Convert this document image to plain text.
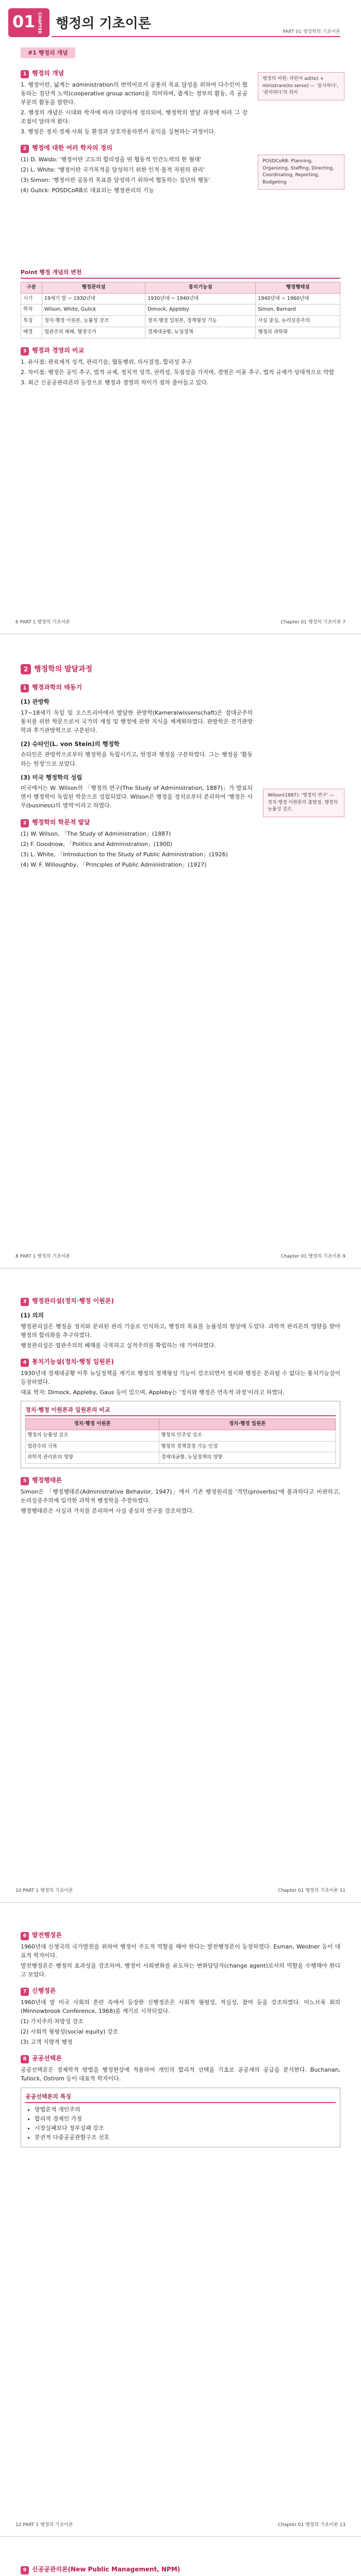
01 CHAPTER 행정의 기초이론
PART 01 행정학의 기초이론
#1 행정의 개념
1 행정의 개념

1. 행정이란, 넓게는 administration의 번역어로서 공통의 목표 달성을 위하여 다수인이 협동하는 집단적 노력(cooperative group action)을 의미하며, 좁게는 정부의 활동, 즉 공공 부문의 활동을 말한다.

2. 행정의 개념은 시대와 학자에 따라 다양하게 정의되며, 행정학의 발달 과정에 따라 그 강조점이 달라져 왔다.

3. 행정은 정치·경제·사회 등 환경과 상호작용하면서 공익을 실현하는 과정이다.

2 행정에 대한 여러 학자의 정의

(1) D. Waldo: '행정이란 고도의 합리성을 띤 협동적 인간노력의 한 형태'

(2) L. White: '행정이란 국가목적을 달성하기 위한 인적·물적 자원의 관리'

(3) Simon: '행정이란 공동의 목표를 달성하기 위하여 협동하는 집단의 행동'

(4) Gulick: POSDCoRB로 대표되는 행정관리의 기능

행정의 어원: 라틴어 ad(to) + ministrare(to serve) — '봉사하다', '관리하다'의 의미
POSDCoRB: Planning, Organizing, Staffing, Directing, Coordinating, Reporting, Budgeting
Point 행정 개념의 변천
구분	행정관리설	통치기능설	행정행태설
시기	19세기 말 ~ 1930년대	1930년대 ~ 1940년대	1940년대 ~ 1960년대
학자	Wilson, White, Gulick	Dimock, Appleby	Simon, Barnard
특징	정치·행정 이원론, 능률성 강조	정치·행정 일원론, 정책형성 기능	사실 중심, 논리실증주의
배경	엽관주의 폐해, 행정국가	경제대공황, 뉴딜정책	행정의 과학화
3 행정과 경영의 비교

1. 유사점: 관료제적 성격, 관리기술, 협동행위, 의사결정, 합리성 추구

2. 차이점: 행정은 공익 추구, 법적 규제, 정치적 성격, 권력성, 독점성을 가지며, 경영은 이윤 추구, 법적 규제가 상대적으로 약함

3. 최근 신공공관리론의 등장으로 행정과 경영의 차이가 점차 줄어들고 있다.

6 PART 1 행정의 기초이론	Chapter 01 행정의 기초이론 7
2 행정학의 발달과정
1 행정과학의 태동기
(1) 관방학

17~18세기 독일 및 오스트리아에서 발달한 관방학(Kameralwissenschaft)은 절대군주의 통치를 위한 학문으로서 국가의 재정 및 행정에 관한 지식을 체계화하였다. 관방학은 전기관방학과 후기관방학으로 구분된다.

(2) 슈타인(L. von Stein)의 행정학

슈타인은 관방학으로부터 행정학을 독립시키고, 헌정과 행정을 구분하였다. 그는 행정을 '활동하는 헌정'으로 보았다.

(3) 미국 행정학의 성립

미국에서는 W. Wilson의 「행정의 연구(The Study of Administration, 1887)」가 발표되면서 행정학이 독립된 학문으로 성립되었다. Wilson은 행정을 정치로부터 분리하여 '행정은 사무(business)의 영역'이라고 하였다.

2 행정학의 학문적 발달

(1) W. Wilson, 「The Study of Administration」(1887)

(2) F. Goodnow, 「Politics and Administration」(1900)

(3) L. White, 「Introduction to the Study of Public Administration」(1926)

(4) W. F. Willoughby, 「Principles of Public Administration」(1927)

Wilson(1887): '행정의 연구' — 정치·행정 이원론의 출발점. 행정의 능률성 강조.
8 PART 1 행정의 기초이론	Chapter 01 행정의 기초이론 9
3 행정관리설(정치·행정 이원론)
(1) 의의

행정관리설은 행정을 정치와 분리된 관리 기술로 인식하고, 행정의 목표를 능률성의 향상에 두었다. 과학적 관리론의 영향을 받아 행정의 합리화를 추구하였다.

행정관리설은 엽관주의의 폐해를 극복하고 실적주의를 확립하는 데 기여하였다.

4 통치기능설(정치·행정 일원론)

1930년대 경제대공황 이후 뉴딜정책을 계기로 행정의 정책형성 기능이 강조되면서 정치와 행정은 분리될 수 없다는 통치기능설이 등장하였다.

대표 학자: Dimock, Appleby, Gaus 등이 있으며, Appleby는 '정치와 행정은 연속적 과정'이라고 하였다.

정치·행정 이원론과 일원론의 비교
정치·행정 이원론	정치·행정 일원론
행정의 능률성 강조	행정의 민주성 강조
엽관주의 극복	행정의 정책결정 기능 인정
과학적 관리론의 영향	경제대공황, 뉴딜정책의 영향
5 행정행태론

Simon은 「행정행태론(Administrative Behavior, 1947)」에서 기존 행정원리를 '격언(proverbs)'에 불과하다고 비판하고, 논리실증주의에 입각한 과학적 행정학을 주장하였다.

행정행태론은 사실과 가치를 분리하여 사실 중심의 연구를 강조하였다.

10 PART 1 행정의 기초이론	Chapter 01 행정의 기초이론 11
6 발전행정론

1960년대 신생국의 국가발전을 위하여 행정이 주도적 역할을 해야 한다는 발전행정론이 등장하였다. Esman, Weidner 등이 대표적 학자이다.

발전행정론은 행정의 효과성을 강조하며, 행정이 사회변화를 유도하는 변화담당자(change agent)로서의 역할을 수행해야 한다고 보았다.

7 신행정론

1960년대 말 미국 사회의 혼란 속에서 등장한 신행정론은 사회적 형평성, 적실성, 참여 등을 강조하였다. 미노브룩 회의(Minnowbrook Conference, 1968)를 계기로 시작되었다.

(1) 가치주의·처방성 강조

(2) 사회적 형평성(social equity) 강조

(3) 고객 지향적 행정

8 공공선택론

공공선택론은 경제학적 방법을 행정현상에 적용하여 개인의 합리적 선택을 기초로 공공재의 공급을 분석한다. Buchanan, Tullock, Ostrom 등이 대표적 학자이다.

공공선택론의 특징
• 방법론적 개인주의
• 합리적 경제인 가정
• 시장실패보다 정부실패 강조
• 분권적 다중공공관할구조 선호
12 PART 1 행정의 기초이론	Chapter 01 행정의 기초이론 13
9 신공공관리론(New Public Management, NPM)
